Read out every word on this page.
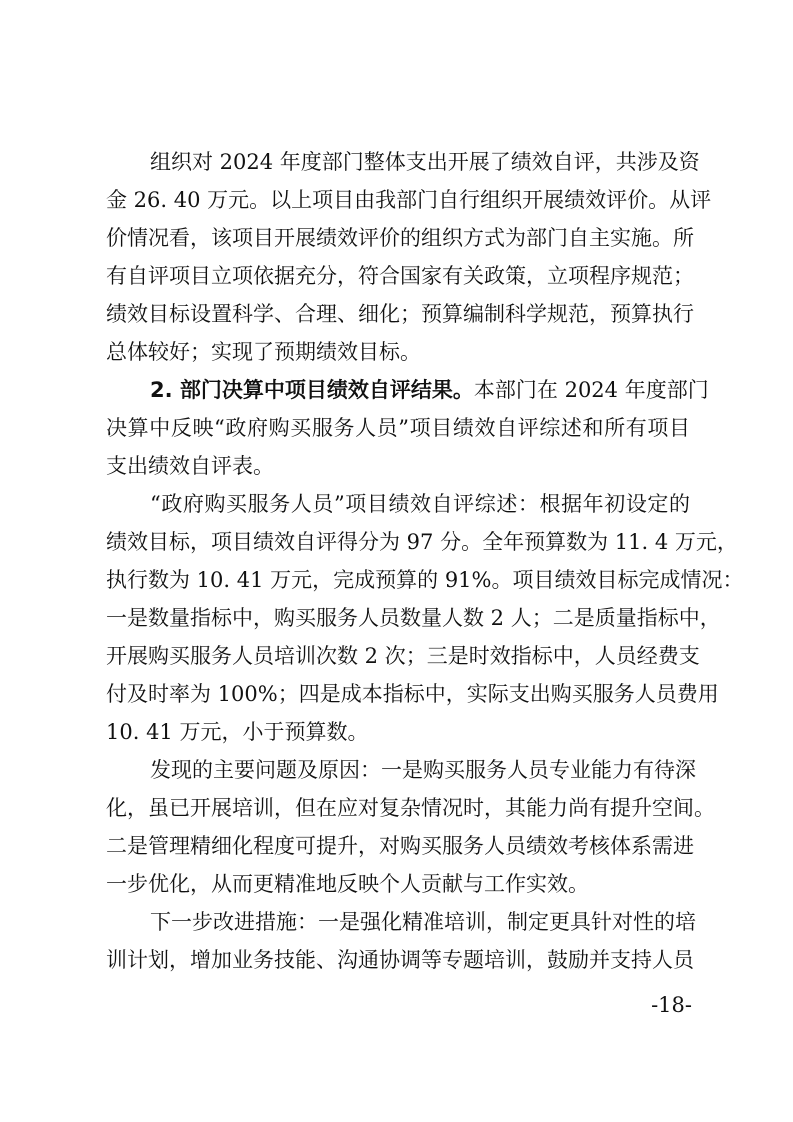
组织对 2024 年度部门整体支出开展了绩效自评，共涉及资
金 26. 40 万元。以上项目由我部门自行组织开展绩效评价。从评
价情况看，该项目开展绩效评价的组织方式为部门自主实施。所
有自评项目立项依据充分，符合国家有关政策，立项程序规范；
绩效目标设置科学、合理、细化；预算编制科学规范，预算执行
总体较好；实现了预期绩效目标。
2. 部门决算中项目绩效自评结果。本部门在 2024 年度部门
决算中反映“政府购买服务人员”项目绩效自评综述和所有项目
支出绩效自评表。
“政府购买服务人员”项目绩效自评综述：根据年初设定的
绩效目标，项目绩效自评得分为 97 分。全年预算数为 11. 4 万元，
执行数为 10. 41 万元，完成预算的 91%。项目绩效目标完成情况：
一是数量指标中，购买服务人员数量人数 2 人；二是质量指标中，
开展购买服务人员培训次数 2 次；三是时效指标中，人员经费支
付及时率为 100%；四是成本指标中，实际支出购买服务人员费用
10. 41 万元，小于预算数。
发现的主要问题及原因：一是购买服务人员专业能力有待深
化，虽已开展培训，但在应对复杂情况时，其能力尚有提升空间。
二是管理精细化程度可提升，对购买服务人员绩效考核体系需进
一步优化，从而更精准地反映个人贡献与工作实效。
下一步改进措施：一是强化精准培训，制定更具针对性的培
训计划，增加业务技能、沟通协调等专题培训，鼓励并支持人员
-18-
